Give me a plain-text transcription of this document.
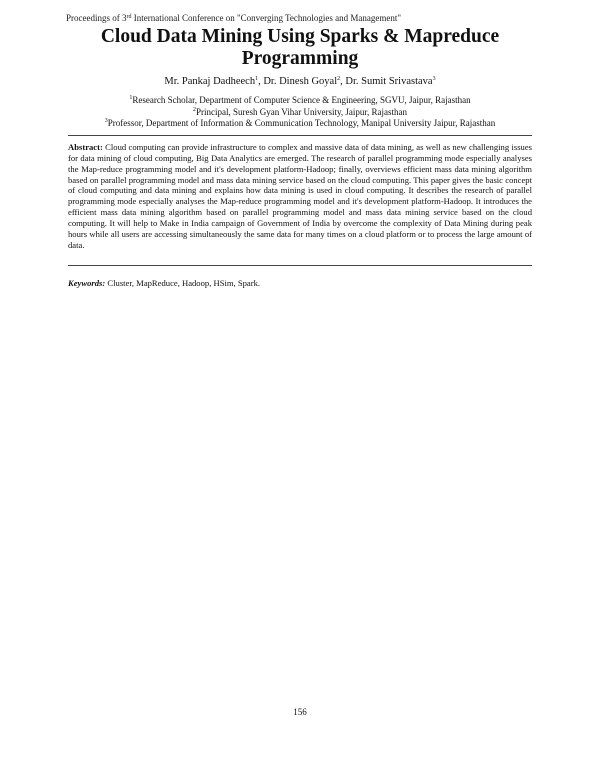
Proceedings of 3rd International Conference on "Converging Technologies and Management"
Cloud Data Mining Using Sparks & Mapreduce Programming
Mr. Pankaj Dadheech$^1$, Dr. Dinesh Goyal$^2$, Dr. Sumit Srivastava$^3$
$^1$Research Scholar, Department of Computer Science & Engineering, SGVU, Jaipur, Rajasthan
$^2$Principal, Suresh Gyan Vihar University, Jaipur, Rajasthan
$^3$Professor, Department of Information & Communication Technology, Manipal University Jaipur, Rajasthan
Abstract: Cloud computing can provide infrastructure to complex and massive data of data mining, as well as new challenging issues for data mining of cloud computing, Big Data Analytics are emerged. The research of parallel programming mode especially analyses the Map-reduce programming model and it's development platform-Hadoop; finally, overviews efficient mass data mining algorithm based on parallel programming model and mass data mining service based on the cloud computing. This paper gives the basic concept of cloud computing and data mining and explains how data mining is used in cloud computing. It describes the research of parallel programming mode especially analyses the Map-reduce programming model and it's development platform-Hadoop. It introduces the efficient mass data mining algorithm based on parallel programming model and mass data mining service based on the cloud computing. It will help to Make in India campaign of Government of India by overcome the complexity of Data Mining during peak hours while all users are accessing simultaneously the same data for many times on a cloud platform or to process the large amount of data.
Keywords: Cluster, MapReduce, Hadoop, HSim, Spark.
156
